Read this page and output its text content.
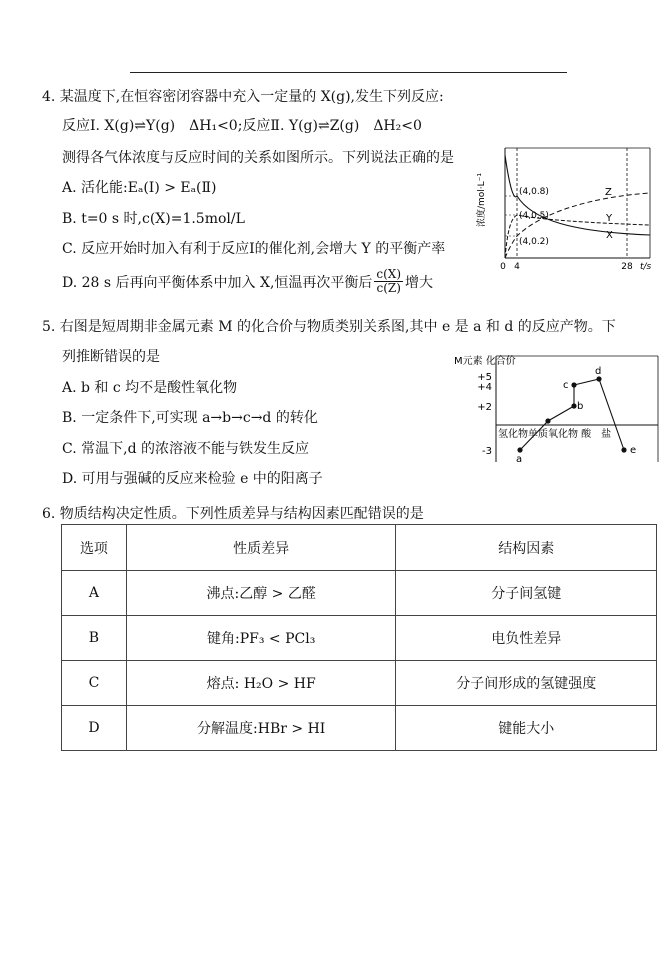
4. 某温度下,在恒容密闭容器中充入一定量的 X(g),发生下列反应:
反应Ⅰ. X(g)⇌Y(g)　ΔH₁<0;反应Ⅱ. Y(g)⇌Z(g)　ΔH₂<0
测得各气体浓度与反应时间的关系如图所示。下列说法正确的是
A. 活化能:Eₐ(Ⅰ) > Eₐ(Ⅱ)
B. t=0 s 时,c(X)=1.5mol/L
C. 反应开始时加入有利于反应Ⅰ的催化剂,会增大 Y 的平衡产率
D. 28 s 后再向平衡体系中加入 X,恒温再次平衡后 $\frac{c(X)}{c(Z)}$ 增大
浓度/mol·L⁻¹	(4,0.8)
(4,0.5)
(4,0.2)
Z
Y
X
0 4	28 t/s
5. 右图是短周期非金属元素 M 的化合价与物质类别关系图,其中 e 是 a 和 d 的反应产物。下
列推断错误的是
A. b 和 c 均不是酸性氧化物
B. 一定条件下,可实现 a→b→c→d 的转化
C. 常温下,d 的浓溶液不能与铁发生反应
D. 可用与强碱的反应来检验 e 中的阳离子
M元素 化合价
+5
+4
+2
-3
氢化物单质氧化物 酸　盐
a
b
c
d
e
6. 物质结构决定性质。下列性质差异与结构因素匹配错误的是
选项	性质差异	结构因素
A	沸点:乙醇 > 乙醛	分子间氢键
B	键角:PF₃ < PCl₃	电负性差异
C	熔点: H₂O > HF	分子间形成的氢键强度
D	分解温度:HBr > HI	键能大小
